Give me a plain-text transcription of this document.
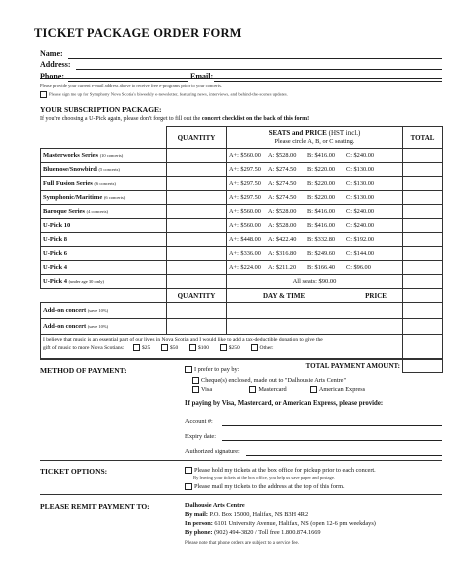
TICKET PACKAGE ORDER FORM
Name:
Address:
Phone:	Email:
Please provide your current e-mail address above to receive free e-programs prior to your concerts.
Please sign me up for Symphony Nova Scotia's biweekly e-newsletter, featuring news, interviews, and behind-the-scenes updates.
YOUR SUBSCRIPTION PACKAGE:
If you're choosing a U-Pick again, please don't forget to fill out the concert checklist on the back of this form!
	QUANTITY	SEATS and PRICE (HST incl.)
Please circle A, B, or C seating.	TOTAL
Masterworks Series (10 concerts)		A+: $560.00 A: $528.00 B: $416.00 C: $240.00	
Bluenose/Snowbird (5 concerts)		A+: $297.50 A: $274.50 B: $220.00 C: $130.00	
Full Fusion Series (6 concerts)		A+: $297.50 A: $274.50 B: $220.00 C: $130.00	
Symphonic/Maritime (6 concerts)		A+: $297.50 A: $274.50 B: $220.00 C: $130.00	
Baroque Series (4 concerts)		A+: $560.00 A: $528.00 B: $416.00 C: $240.00	
U-Pick 10		A+: $560.00 A: $528.00 B: $416.00 C: $240.00	
U-Pick 8		A+: $448.00 A: $422.40 B: $332.80 C: $192.00	
U-Pick 6		A+: $336.00 A: $316.80 B: $249.60 C: $144.00	
U-Pick 4		A+: $224.00 A: $211.20 B: $166.40 C: $96.00	
U-Pick 4 (under age 30 only)		All seats: $90.00	
	QUANTITY	DAY & TIME PRICE	
Add-on concert (save 10%)			
Add-on concert (save 10%)			
I believe that music is an essential part of our lives in Nova Scotia and I would like to add a tax-deductible donation to give the
gift of music to more Nova Scotians: $25 $50 $100 $250 Other:			
TOTAL PAYMENT AMOUNT:			
METHOD OF PAYMENT:	I prefer to pay by:
Cheque(s) enclosed, made out to "Dalhousie Arts Centre"
Visa	Mastercard	American Express
If paying by Visa, Mastercard, or American Express, please provide:
Account #:
Expiry date:
Authorized signature:
TICKET OPTIONS:	Please hold my tickets at the box office for pickup prior to each concert.
By leaving your tickets at the box office, you help us save paper and postage.
Please mail my tickets to the address at the top of this form.
PLEASE REMIT PAYMENT TO:	Dalhousie Arts Centre
By mail: P.O. Box 15000, Halifax, NS B3H 4R2
In person: 6101 University Avenue, Halifax, NS (open 12-6 pm weekdays)
By phone: (902) 494-3820 / Toll free 1.800.874.1669
Please note that phone orders are subject to a service fee.
